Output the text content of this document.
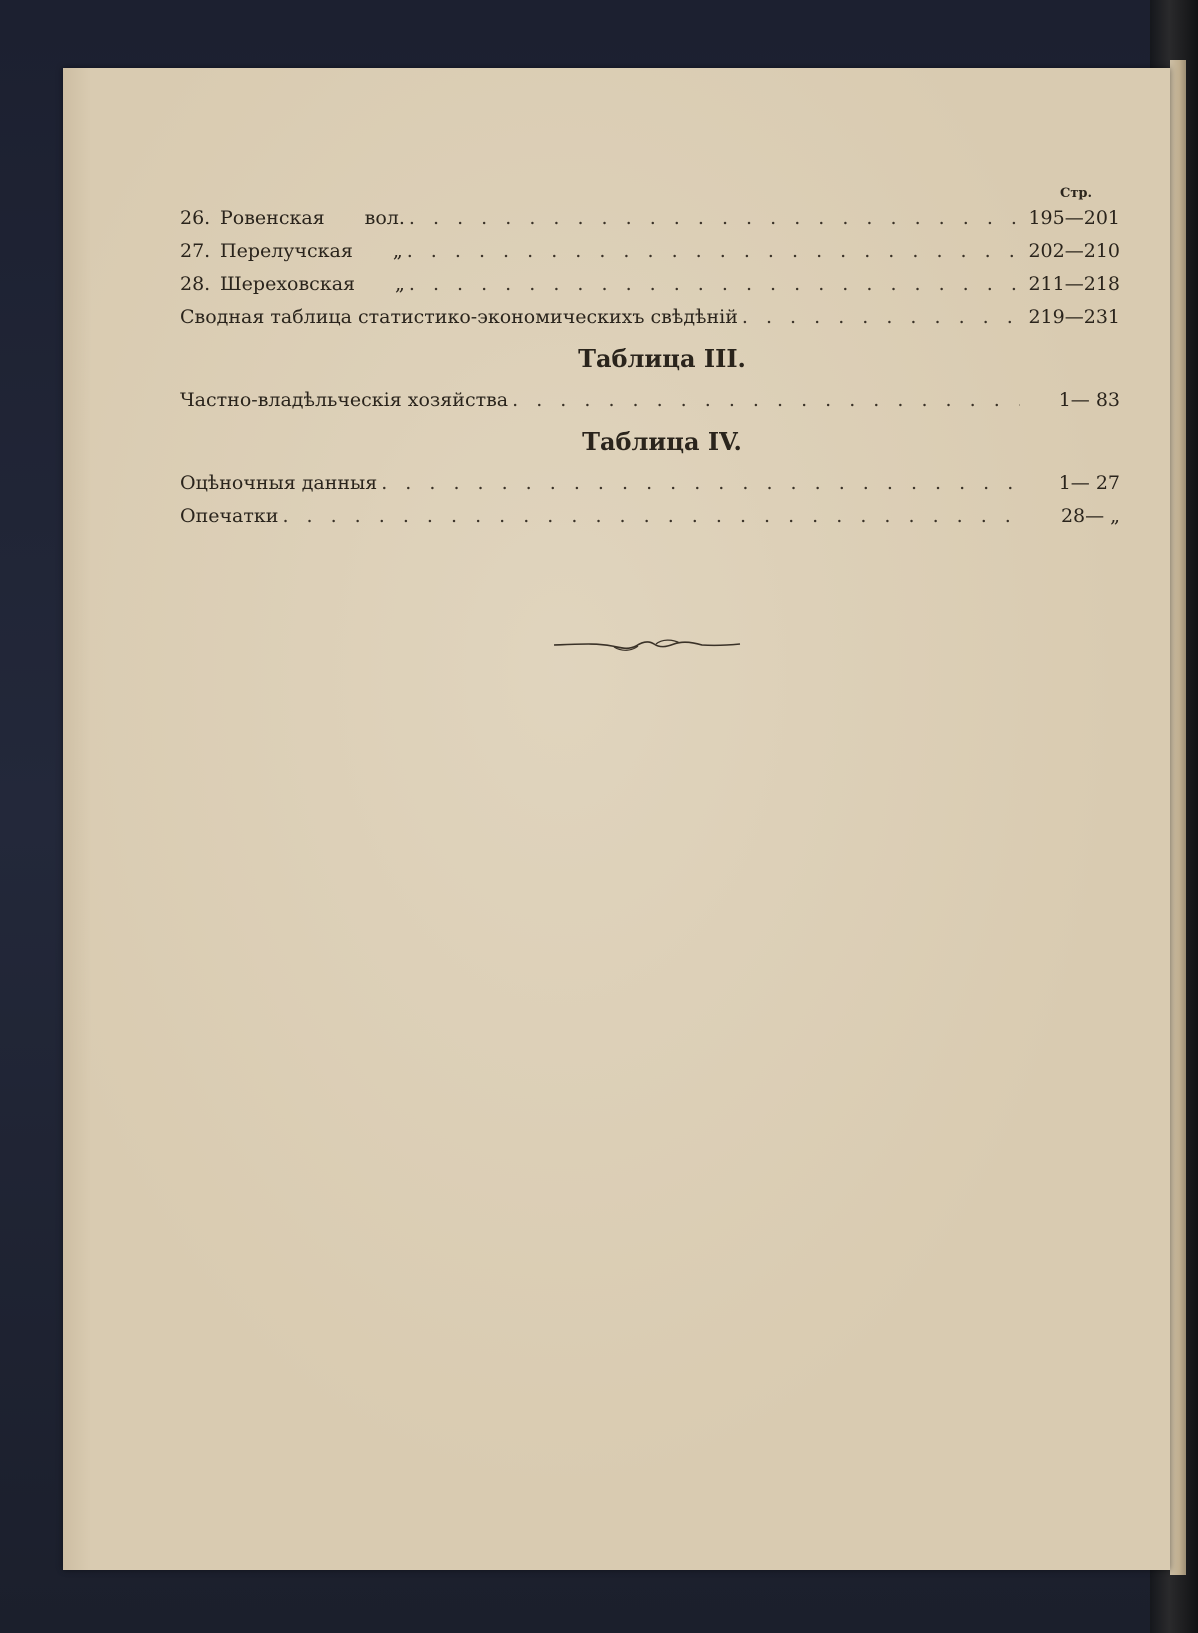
Стр.
26. Ровенская вол. . . .	195—201
27. Перелучская „ . . .	202—210
28. Шереховская „ . . .	211—218
Сводная таблица статистико-экономическихъ свѣдѣній . . .	219—231
Таблица III.
Частно-владѣльческія хозяйства . . .	1— 83
Таблица IV.
Оцѣночныя данныя . . .	1— 27
Опечатки . . .	28— „
